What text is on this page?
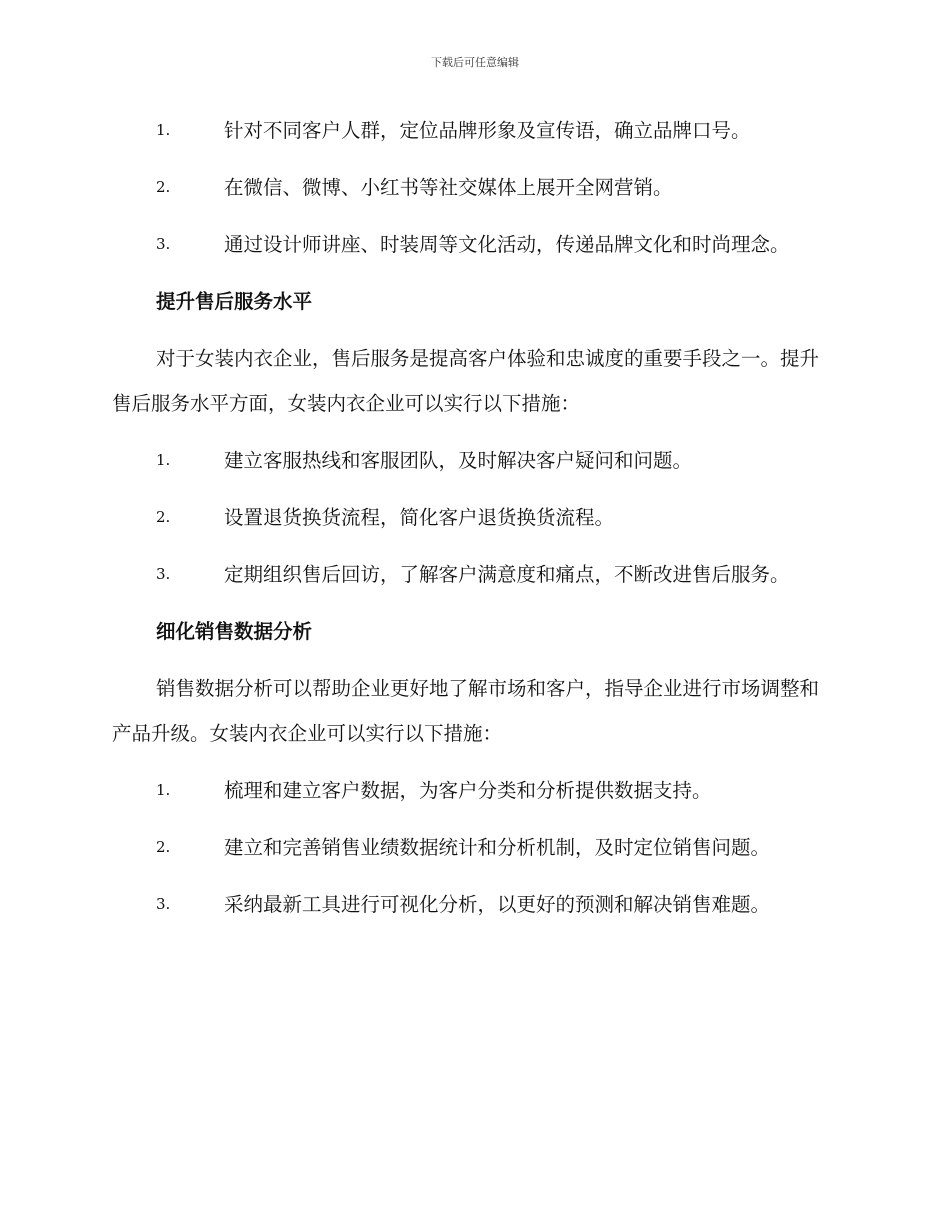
下载后可任意编辑
1.	针对不同客户人群，定位品牌形象及宣传语，确立品牌口号。
2.	在微信、微博、小红书等社交媒体上展开全网营销。
3.	通过设计师讲座、时装周等文化活动，传递品牌文化和时尚理念。
提升售后服务水平
对于女装内衣企业，售后服务是提高客户体验和忠诚度的重要手段之一。提升售后服务水平方面，女装内衣企业可以实行以下措施：
1.	建立客服热线和客服团队，及时解决客户疑问和问题。
2.	设置退货换货流程，简化客户退货换货流程。
3.	定期组织售后回访，了解客户满意度和痛点，不断改进售后服务。
细化销售数据分析
销售数据分析可以帮助企业更好地了解市场和客户，指导企业进行市场调整和产品升级。女装内衣企业可以实行以下措施：
1.	梳理和建立客户数据，为客户分类和分析提供数据支持。
2.	建立和完善销售业绩数据统计和分析机制，及时定位销售问题。
3.	采纳最新工具进行可视化分析，以更好的预测和解决销售难题。
